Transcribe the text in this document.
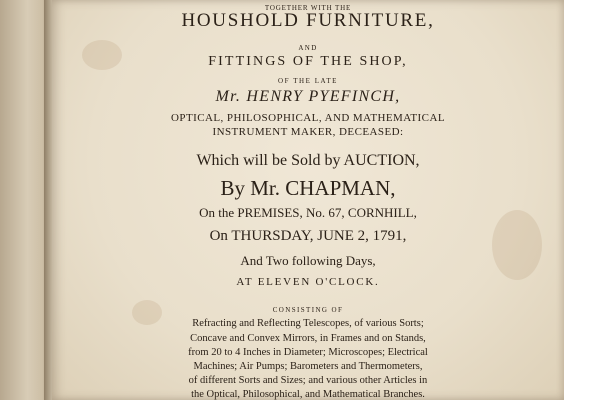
TOGETHER WITH THE
HOUSHOLD FURNITURE,
AND
FITTINGS OF THE SHOP,
OF THE LATE
Mr. HENRY PYEFINCH,
OPTICAL, PHILOSOPHICAL, AND MATHEMATICAL
INSTRUMENT MAKER, DECEASED:
Which will be Sold by AUCTION,
By Mr. CHAPMAN,
On the PREMISES, No. 67, CORNHILL,
On THURSDAY, JUNE 2, 1791,
And Two following Days,
AT ELEVEN O'CLOCK.
CONSISTING OF
Refracting and Reflecting Telescopes, of various Sorts;
Concave and Convex Mirrors, in Frames and on Stands,
from 20 to 4 Inches in Diameter; Microscopes; Electrical
Machines; Air Pumps; Barometers and Thermometers,
of different Sorts and Sizes; and various other Articles in
the Optical, Philosophical, and Mathematical Branches.
